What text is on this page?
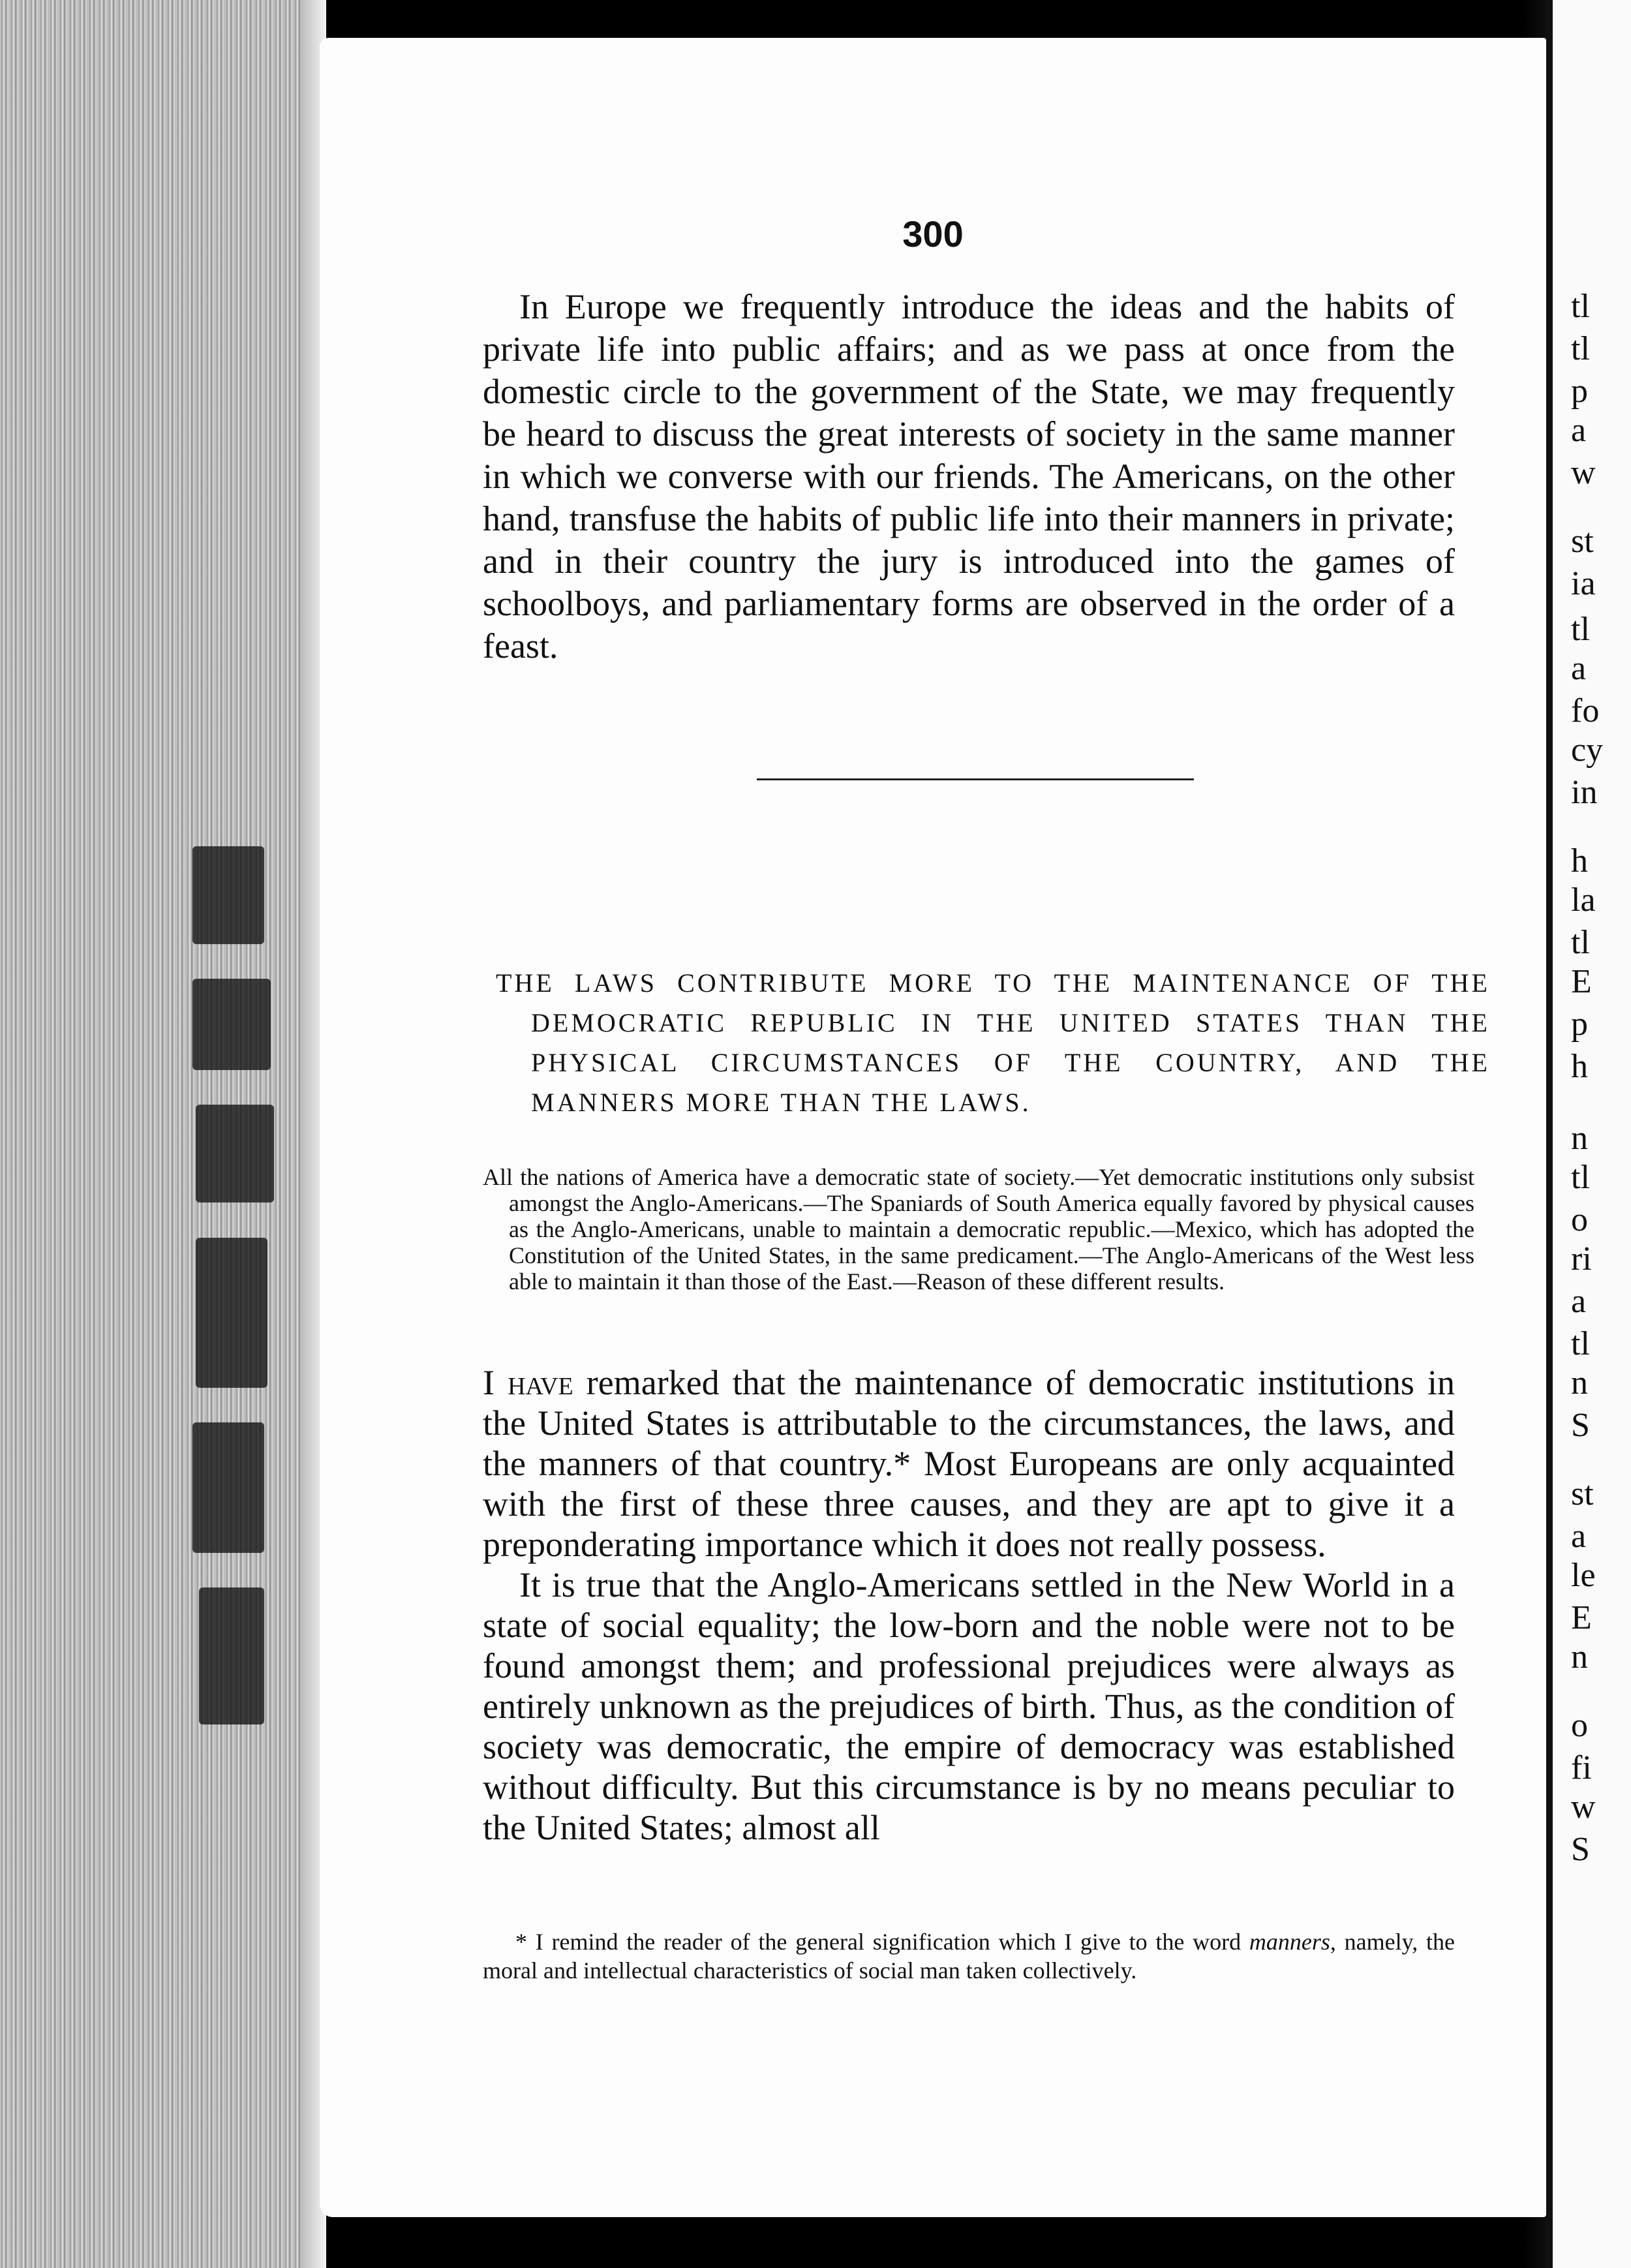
tl
tl
p
a
w
st
ia
tl
a
fo
cy
in
h
la
tl
E
p
h
n
tl
o
ri
a
tl
n
S
st
a
le
E
n
o
fi
w
S
300

In Europe we frequently introduce the ideas and the habits of private life into public affairs; and as we pass at once from the domestic circle to the government of the State, we may frequently be heard to discuss the great interests of society in the same manner in which we converse with our friends. The Americans, on the other hand, transfuse the habits of public life into their manners in private; and in their country the jury is introduced into the games of schoolboys, and parliamentary forms are observed in the order of a feast.

THE LAWS CONTRIBUTE MORE TO THE MAINTENANCE OF THE DEMOCRATIC REPUBLIC IN THE UNITED STATES THAN THE PHYSICAL CIRCUMSTANCES OF THE COUNTRY, AND THE MANNERS MORE THAN THE LAWS.

All the nations of America have a democratic state of society.—Yet democratic institutions only subsist amongst the Anglo-Americans.—The Spaniards of South America equally favored by physical causes as the Anglo-Americans, unable to maintain a democratic republic.—Mexico, which has adopted the Constitution of the United States, in the same predicament.—The Anglo-Americans of the West less able to maintain it than those of the East.—Reason of these different results.

I have remarked that the maintenance of democratic institutions in the United States is attributable to the circumstances, the laws, and the manners of that country.* Most Europeans are only acquainted with the first of these three causes, and they are apt to give it a preponderating importance which it does not really possess.

It is true that the Anglo-Americans settled in the New World in a state of social equality; the low-born and the noble were not to be found amongst them; and professional prejudices were always as entirely unknown as the prejudices of birth. Thus, as the condition of society was democratic, the empire of democracy was established without difficulty. But this circumstance is by no means peculiar to the United States; almost all

* I remind the reader of the general signification which I give to the word manners, namely, the moral and intellectual characteristics of social man taken collectively.
